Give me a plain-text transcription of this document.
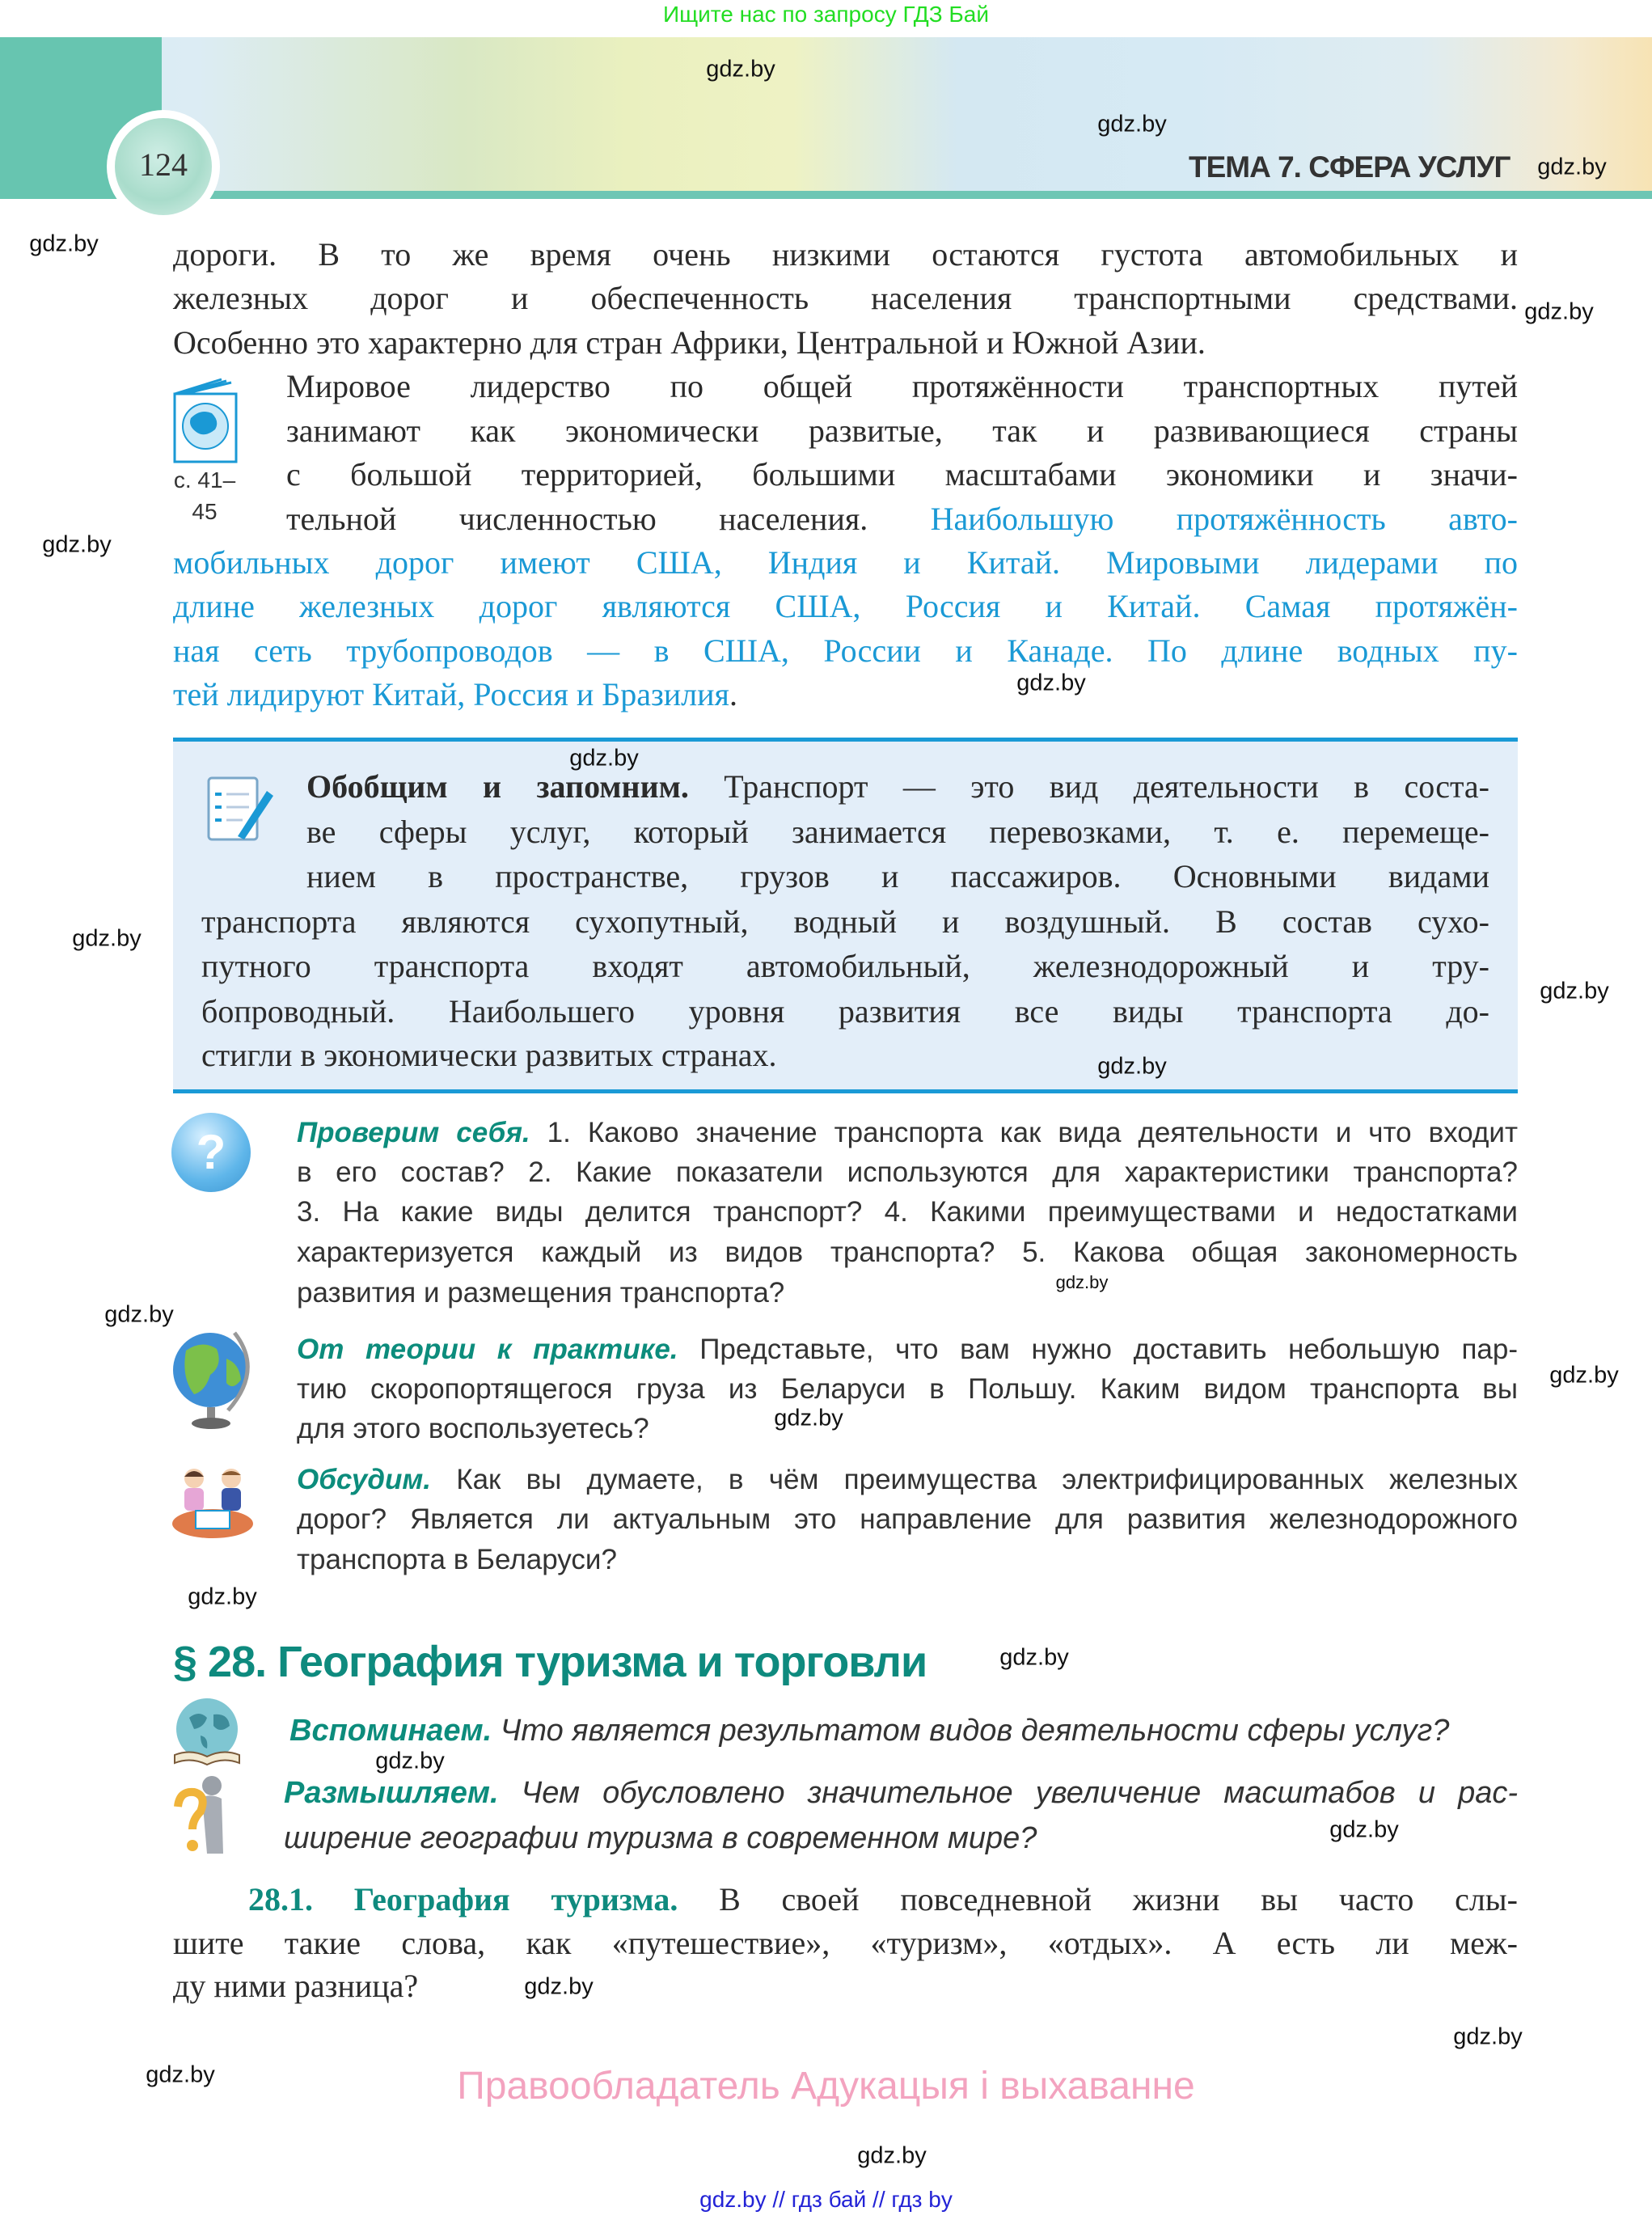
Ищите нас по запросу ГДЗ Бай
124	ТЕМА 7. СФЕРА УСЛУГ
дороги. В то же время очень низкими остаются густота автомобильных и
железных дорог и обеспеченность населения транспортными средствами.
Особенно это характерно для стран Африки, Центральной и Южной Азии.
с. 41–
45
Мировое лидерство по общей протяжённости транспортных путей
занимают как экономически развитые, так и развивающиеся страны
с большой территорией, большими масштабами экономики и значи-
тельной численностью населения. Наибольшую протяжённость авто-
мобильных дорог имеют США, Индия и Китай. Мировыми лидерами по
длине железных дорог являются США, Россия и Китай. Самая протяжён-
ная сеть трубопроводов — в США, России и Канаде. По длине водных пу-
тей лидируют Китай, Россия и Бразилия.
Обобщим и запомним. Транспорт — это вид деятельности в соста-
ве сферы услуг, который занимается перевозками, т. е. перемеще-
нием в пространстве, грузов и пассажиров. Основными видами
транспорта являются сухопутный, водный и воздушный. В состав сухо-
путного транспорта входят автомобильный, железнодорожный и тру-
бопроводный. Наибольшего уровня развития все виды транспорта до-
стигли в экономически развитых странах.
?	Проверим себя. 1. Каково значение транспорта как вида деятельности и что входит
в его состав? 2. Какие показатели используются для характеристики транспорта?
3. На какие виды делится транспорт? 4. Какими преимуществами и недостатками
характеризуется каждый из видов транспорта? 5. Какова общая закономерность
развития и размещения транспорта?
От теории к практике. Представьте, что вам нужно доставить небольшую пар-
тию скоропортящегося груза из Беларуси в Польшу. Каким видом транспорта вы
для этого воспользуетесь?
Обсудим. Как вы думаете, в чём преимущества электрифицированных железных
дорог? Является ли актуальным это направление для развития железнодорожного
транспорта в Беларуси?
§ 28. География туризма и торговли
Вспоминаем. Что является результатом видов деятельности сферы услуг?
Размышляем. Чем обусловлено значительное увеличение масштабов и рас-
ширение географии туризма в современном мире?
28.1. География туризма. В своей повседневной жизни вы часто слы-
шите такие слова, как «путешествие», «туризм», «отдых». А есть ли меж-
ду ними разница?
Правообладатель Адукацыя і выхаванне
gdz.by // гдз бай // гдз by
gdz.by
gdz.by
gdz.by
gdz.by
gdz.by
gdz.by
gdz.by
gdz.by
gdz.by
gdz.by
gdz.by
gdz.by
gdz.by
gdz.by
gdz.by
gdz.by
gdz.by
gdz.by
gdz.by
gdz.by
gdz.by
gdz.by
gdz.by
